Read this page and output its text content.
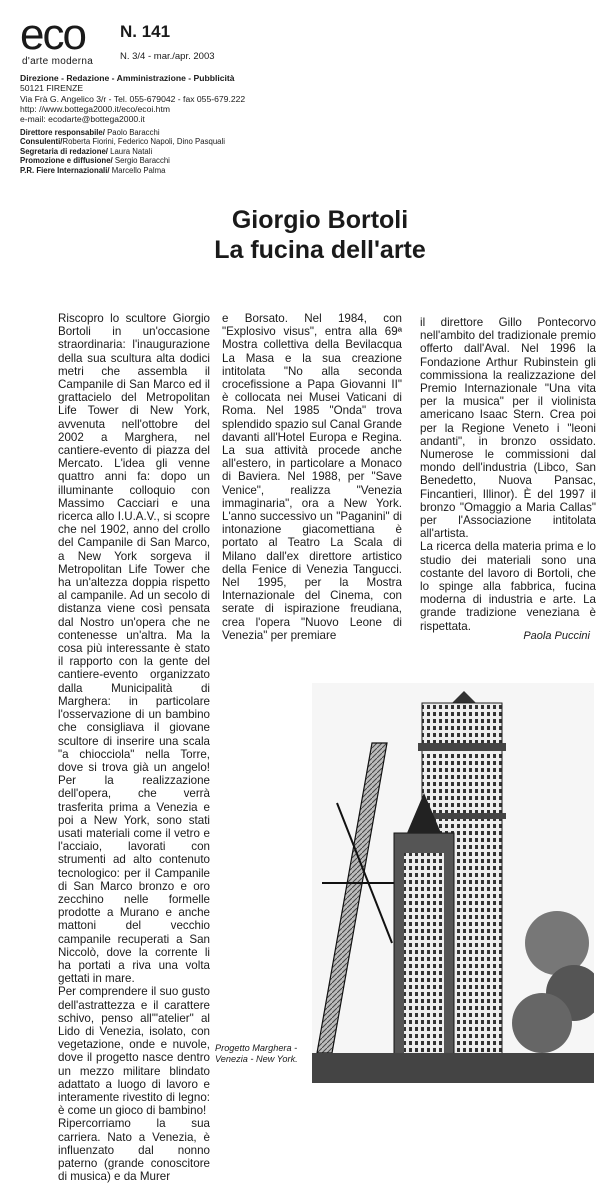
eco
d'arte moderna
N. 141
N. 3/4 - mar./apr. 2003
Direzione - Redazione - Amministrazione - Pubblicità
50121 FIRENZE
Via Frà G. Angelico 3/r - Tel. 055-679042 - fax 055-679.222
http: //www.bottega2000.it/eco/ecoi.htm
e-mail: ecodarte@bottega2000.it
Direttore responsabile/ Paolo Baracchi
Consulenti/Roberta Fiorini, Federico Napoli, Dino Pasquali
Segretaria di redazione/ Laura Natali
Promozione e diffusione/ Sergio Baracchi
P.R. Fiere Internazionali/ Marcello Palma
Giorgio Bortoli
La fucina dell'arte

Riscopro lo scultore Giorgio Bortoli in un'occasione straordinaria: l'inaugurazione della sua scultura alta dodici metri che assembla il Campanile di San Marco ed il grattacielo del Metropolitan Life Tower di New York, avvenuta nell'ottobre del 2002 a Marghera, nel cantiere-evento di piazza del Mercato. L'idea gli venne quattro anni fa: dopo un illuminante colloquio con Massimo Cacciari e una ricerca allo I.U.A.V., si scopre che nel 1902, anno del crollo del Campanile di San Marco, a New York sorgeva il Metropolitan Life Tower che ha un'altezza doppia rispetto al campanile. Ad un secolo di distanza viene così pensata dal Nostro un'opera che ne contenesse un'altra. Ma la cosa più interessante è stato il rapporto con la gente del cantiere-evento organizzato dalla Municipalità di Marghera: in particolare l'osservazione di un bambino che consigliava il giovane scultore di inserire una scala "a chiocciola" nella Torre, dove si trova già un angelo! Per la realizzazione dell'opera, che verrà trasferita prima a Venezia e poi a New York, sono stati usati materiali come il vetro e l'acciaio, lavorati con strumenti ad alto contenuto tecnologico: per il Campanile di San Marco bronzo e oro zecchino nelle formelle prodotte a Murano e anche mattoni del vecchio campanile recuperati a San Niccolò, dove la corrente li ha portati a riva una volta gettati in mare.

Per comprendere il suo gusto dell'astrattezza e il carattere schivo, penso all'"atelier" al Lido di Venezia, isolato, con vegetazione, onde e nuvole, dove il progetto nasce dentro un mezzo militare blindato adattato a luogo di lavoro e interamente rivestito di legno: è come un gioco di bambino!

Ripercorriamo la sua carriera. Nato a Venezia, è influenzato dal nonno paterno (grande conoscitore di musica) e da Murer

e Borsato. Nel 1984, con "Explosivo visus", entra alla 69ª Mostra collettiva della Bevilacqua La Masa e la sua creazione intitolata "No alla seconda crocefissione a Papa Giovanni II" è collocata nei Musei Vaticani di Roma. Nel 1985 "Onda" trova splendido spazio sul Canal Grande davanti all'Hotel Europa e Regina. La sua attività procede anche all'estero, in particolare a Monaco di Baviera. Nel 1988, per "Save Venice", realizza "Venezia immaginaria", ora a New York. L'anno successivo un "Paganini" di intonazione giacomettiana è portato al Teatro La Scala di Milano dall'ex direttore artistico della Fenice di Venezia Tangucci. Nel 1995, per la Mostra Internazionale del Cinema, con serate di ispirazione freudiana, crea l'opera "Nuovo Leone di Venezia" per premiare

il direttore Gillo Pontecorvo nell'ambito del tradizionale premio offerto dall'Aval. Nel 1996 la Fondazione Arthur Rubinstein gli commissiona la realizzazione del Premio Internazionale "Una vita per la musica" per il violinista americano Isaac Stern. Crea poi per la Regione Veneto i "leoni andanti", in bronzo ossidato. Numerose le commissioni dal mondo dell'industria (Libco, San Benedetto, Nuova Pansac, Fincantieri, Illinor). È del 1997 il bronzo "Omaggio a Maria Callas" per l'Associazione intitolata all'artista.

La ricerca della materia prima e lo studio dei materiali sono una costante del lavoro di Bortoli, che lo spinge alla fabbrica, fucina moderna di industria e arte. La grande tradizione veneziana è rispettata.

Paola Puccini
Progetto Marghera - Venezia - New York.
